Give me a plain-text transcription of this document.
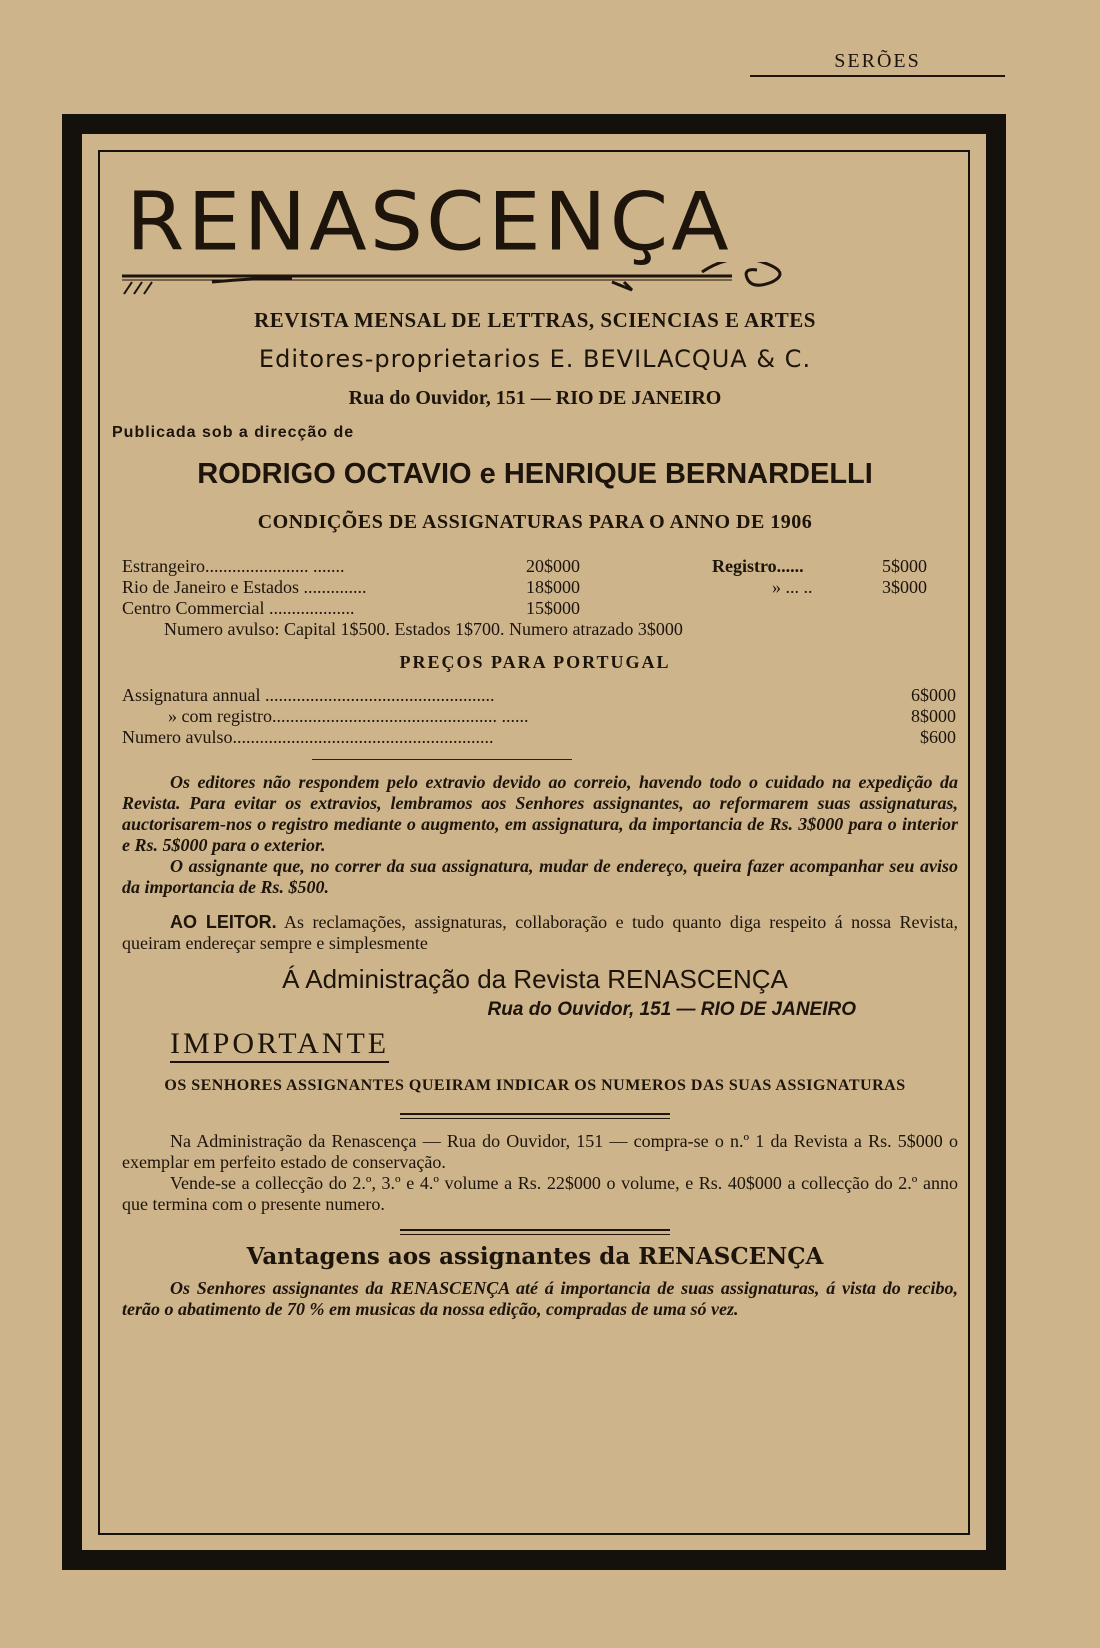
SERÕES
RENASCENÇA
REVISTA MENSAL DE LETTRAS, SCIENCIAS E ARTES
Editores-proprietarios E. BEVILACQUA & C.
Rua do Ouvidor, 151 — RIO DE JANEIRO
Publicada sob a direcção de
RODRIGO OCTAVIO e HENRIQUE BERNARDELLI
CONDIÇÕES DE ASSIGNATURAS PARA O ANNO DE 1906
Estrangeiro....................... .......	20$000	Registro......	5$000
Rio de Janeiro e Estados ..............	18$000	» ... ..	3$000
Centro Commercial ...................	15$000
Numero avulso: Capital 1$500. Estados 1$700. Numero atrazado 3$000
PREÇOS PARA PORTUGAL
Assignatura annual ...................................................	6$000
» com registro.................................................. ......	8$000
Numero avulso..........................................................	$600

Os editores não respondem pelo extravio devido ao correio, havendo todo o cuidado na expedição da Revista. Para evitar os extravios, lembramos aos Senhores assignantes, ao reformarem suas assignaturas, auctorisarem-nos o registro mediante o augmento, em assignatura, da importancia de Rs. 3$000 para o interior e Rs. 5$000 para o exterior.

O assignante que, no correr da sua assignatura, mudar de endereço, queira fazer acompanhar seu aviso da importancia de Rs. $500.

AO LEITOR. As reclamações, assignaturas, collaboração e tudo quanto diga respeito á nossa Revista, queiram endereçar sempre e simplesmente

Á Administração da Revista RENASCENÇA
Rua do Ouvidor, 151 — RIO DE JANEIRO
IMPORTANTE
OS SENHORES ASSIGNANTES QUEIRAM INDICAR OS NUMEROS DAS SUAS ASSIGNATURAS

Na Administração da Renascença — Rua do Ouvidor, 151 — compra-se o n.º 1 da Revista a Rs. 5$000 o exemplar em perfeito estado de conservação.

Vende-se a collecção do 2.º, 3.º e 4.º volume a Rs. 22$000 o volume, e Rs. 40$000 a collecção do 2.º anno que termina com o presente numero.

Vantagens aos assignantes da RENASCENÇA

Os Senhores assignantes da RENASCENÇA até á importancia de suas assignaturas, á vista do recibo, terão o abatimento de 70 % em musicas da nossa edição, compradas de uma só vez.
